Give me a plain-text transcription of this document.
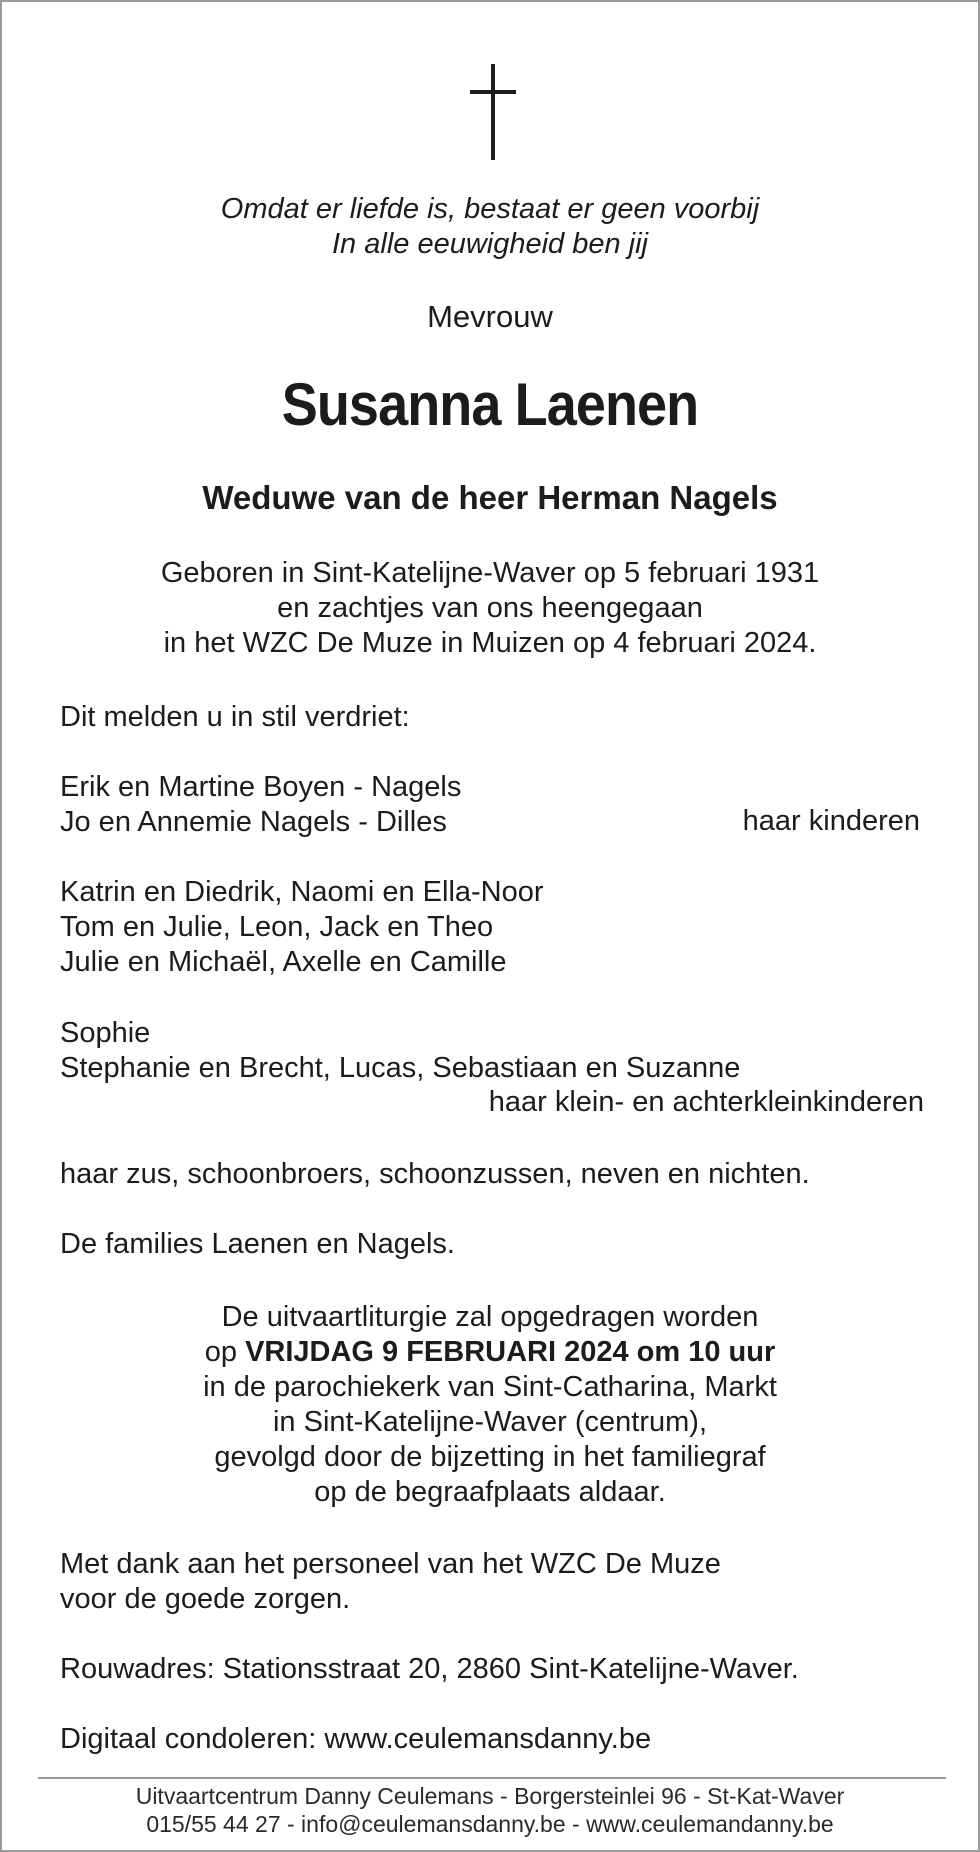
Omdat er liefde is, bestaat er geen voorbij
In alle eeuwigheid ben jij
Mevrouw
Susanna Laenen
Weduwe van de heer Herman Nagels
Geboren in Sint-Katelijne-Waver op 5 februari 1931
en zachtjes van ons heengegaan
in het WZC De Muze in Muizen op 4 februari 2024.
Dit melden u in stil verdriet:
Erik en Martine Boyen - Nagels
Jo en Annemie Nagels - Dilles	haar kinderen
Katrin en Diedrik, Naomi en Ella-Noor
Tom en Julie, Leon, Jack en Theo
Julie en Michaël, Axelle en Camille
Sophie
Stephanie en Brecht, Lucas, Sebastiaan en Suzanne
haar klein- en achterkleinkinderen
haar zus, schoonbroers, schoonzussen, neven en nichten.
De families Laenen en Nagels.
De uitvaartliturgie zal opgedragen worden
op VRIJDAG 9 FEBRUARI 2024 om 10 uur
in de parochiekerk van Sint-Catharina, Markt
in Sint-Katelijne-Waver (centrum),
gevolgd door de bijzetting in het familiegraf
op de begraafplaats aldaar.
Met dank aan het personeel van het WZC De Muze
voor de goede zorgen.
Rouwadres: Stationsstraat 20, 2860 Sint-Katelijne-Waver.
Digitaal condoleren: www.ceulemansdanny.be
Uitvaartcentrum Danny Ceulemans - Borgersteinlei 96 - St-Kat-Waver
015/55 44 27 - info@ceulemansdanny.be - www.ceulemandanny.be
